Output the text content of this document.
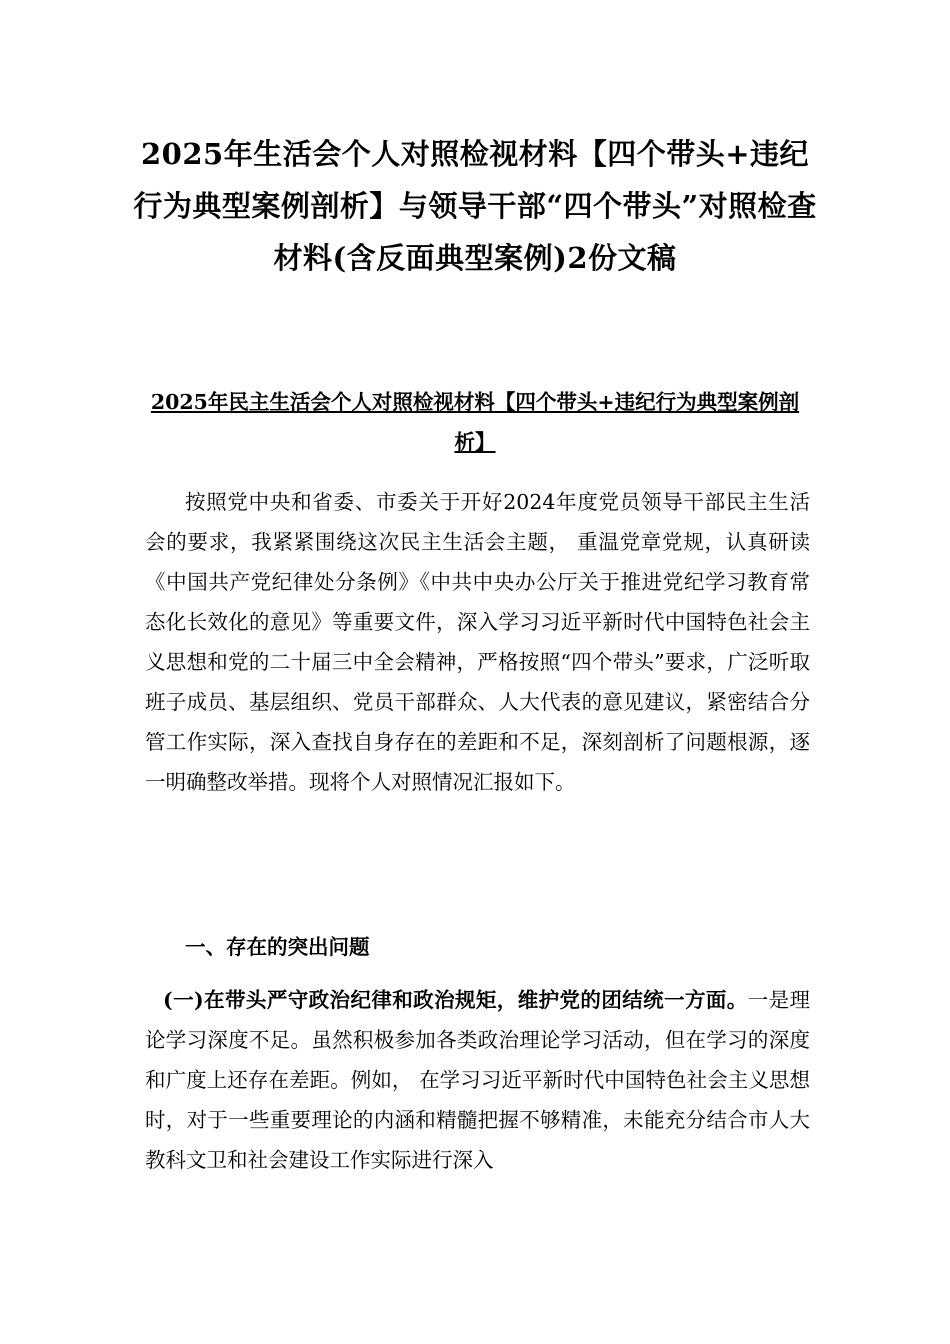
2025年生活会个人对照检视材料【四个带头+违纪行为典型案例剖析】与领导干部“四个带头”对照检查材料(含反面典型案例)2份文稿
2025年民主生活会个人对照检视材料【四个带头+违纪行为典型案例剖析】

按照党中央和省委、市委关于开好2024年度党员领导干部民主生活会的要求，我紧紧围绕这次民主生活会主题， 重温党章党规，认真研读《中国共产党纪律处分条例》《中共中央办公厅关于推进党纪学习教育常态化长效化的意见》等重要文件，深入学习习近平新时代中国特色社会主义思想和党的二十届三中全会精神，严格按照“四个带头”要求，广泛听取班子成员、基层组织、党员干部群众、人大代表的意见建议，紧密结合分管工作实际，深入查找自身存在的差距和不足，深刻剖析了问题根源，逐一明确整改举措。现将个人对照情况汇报如下。

一、存在的突出问题

(一)在带头严守政治纪律和政治规矩，维护党的团结统一方面。一是理论学习深度不足。虽然积极参加各类政治理论学习活动，但在学习的深度和广度上还存在差距。例如， 在学习习近平新时代中国特色社会主义思想时，对于一些重要理论的内涵和精髓把握不够精准，未能充分结合市人大教科文卫和社会建设工作实际进行深入
